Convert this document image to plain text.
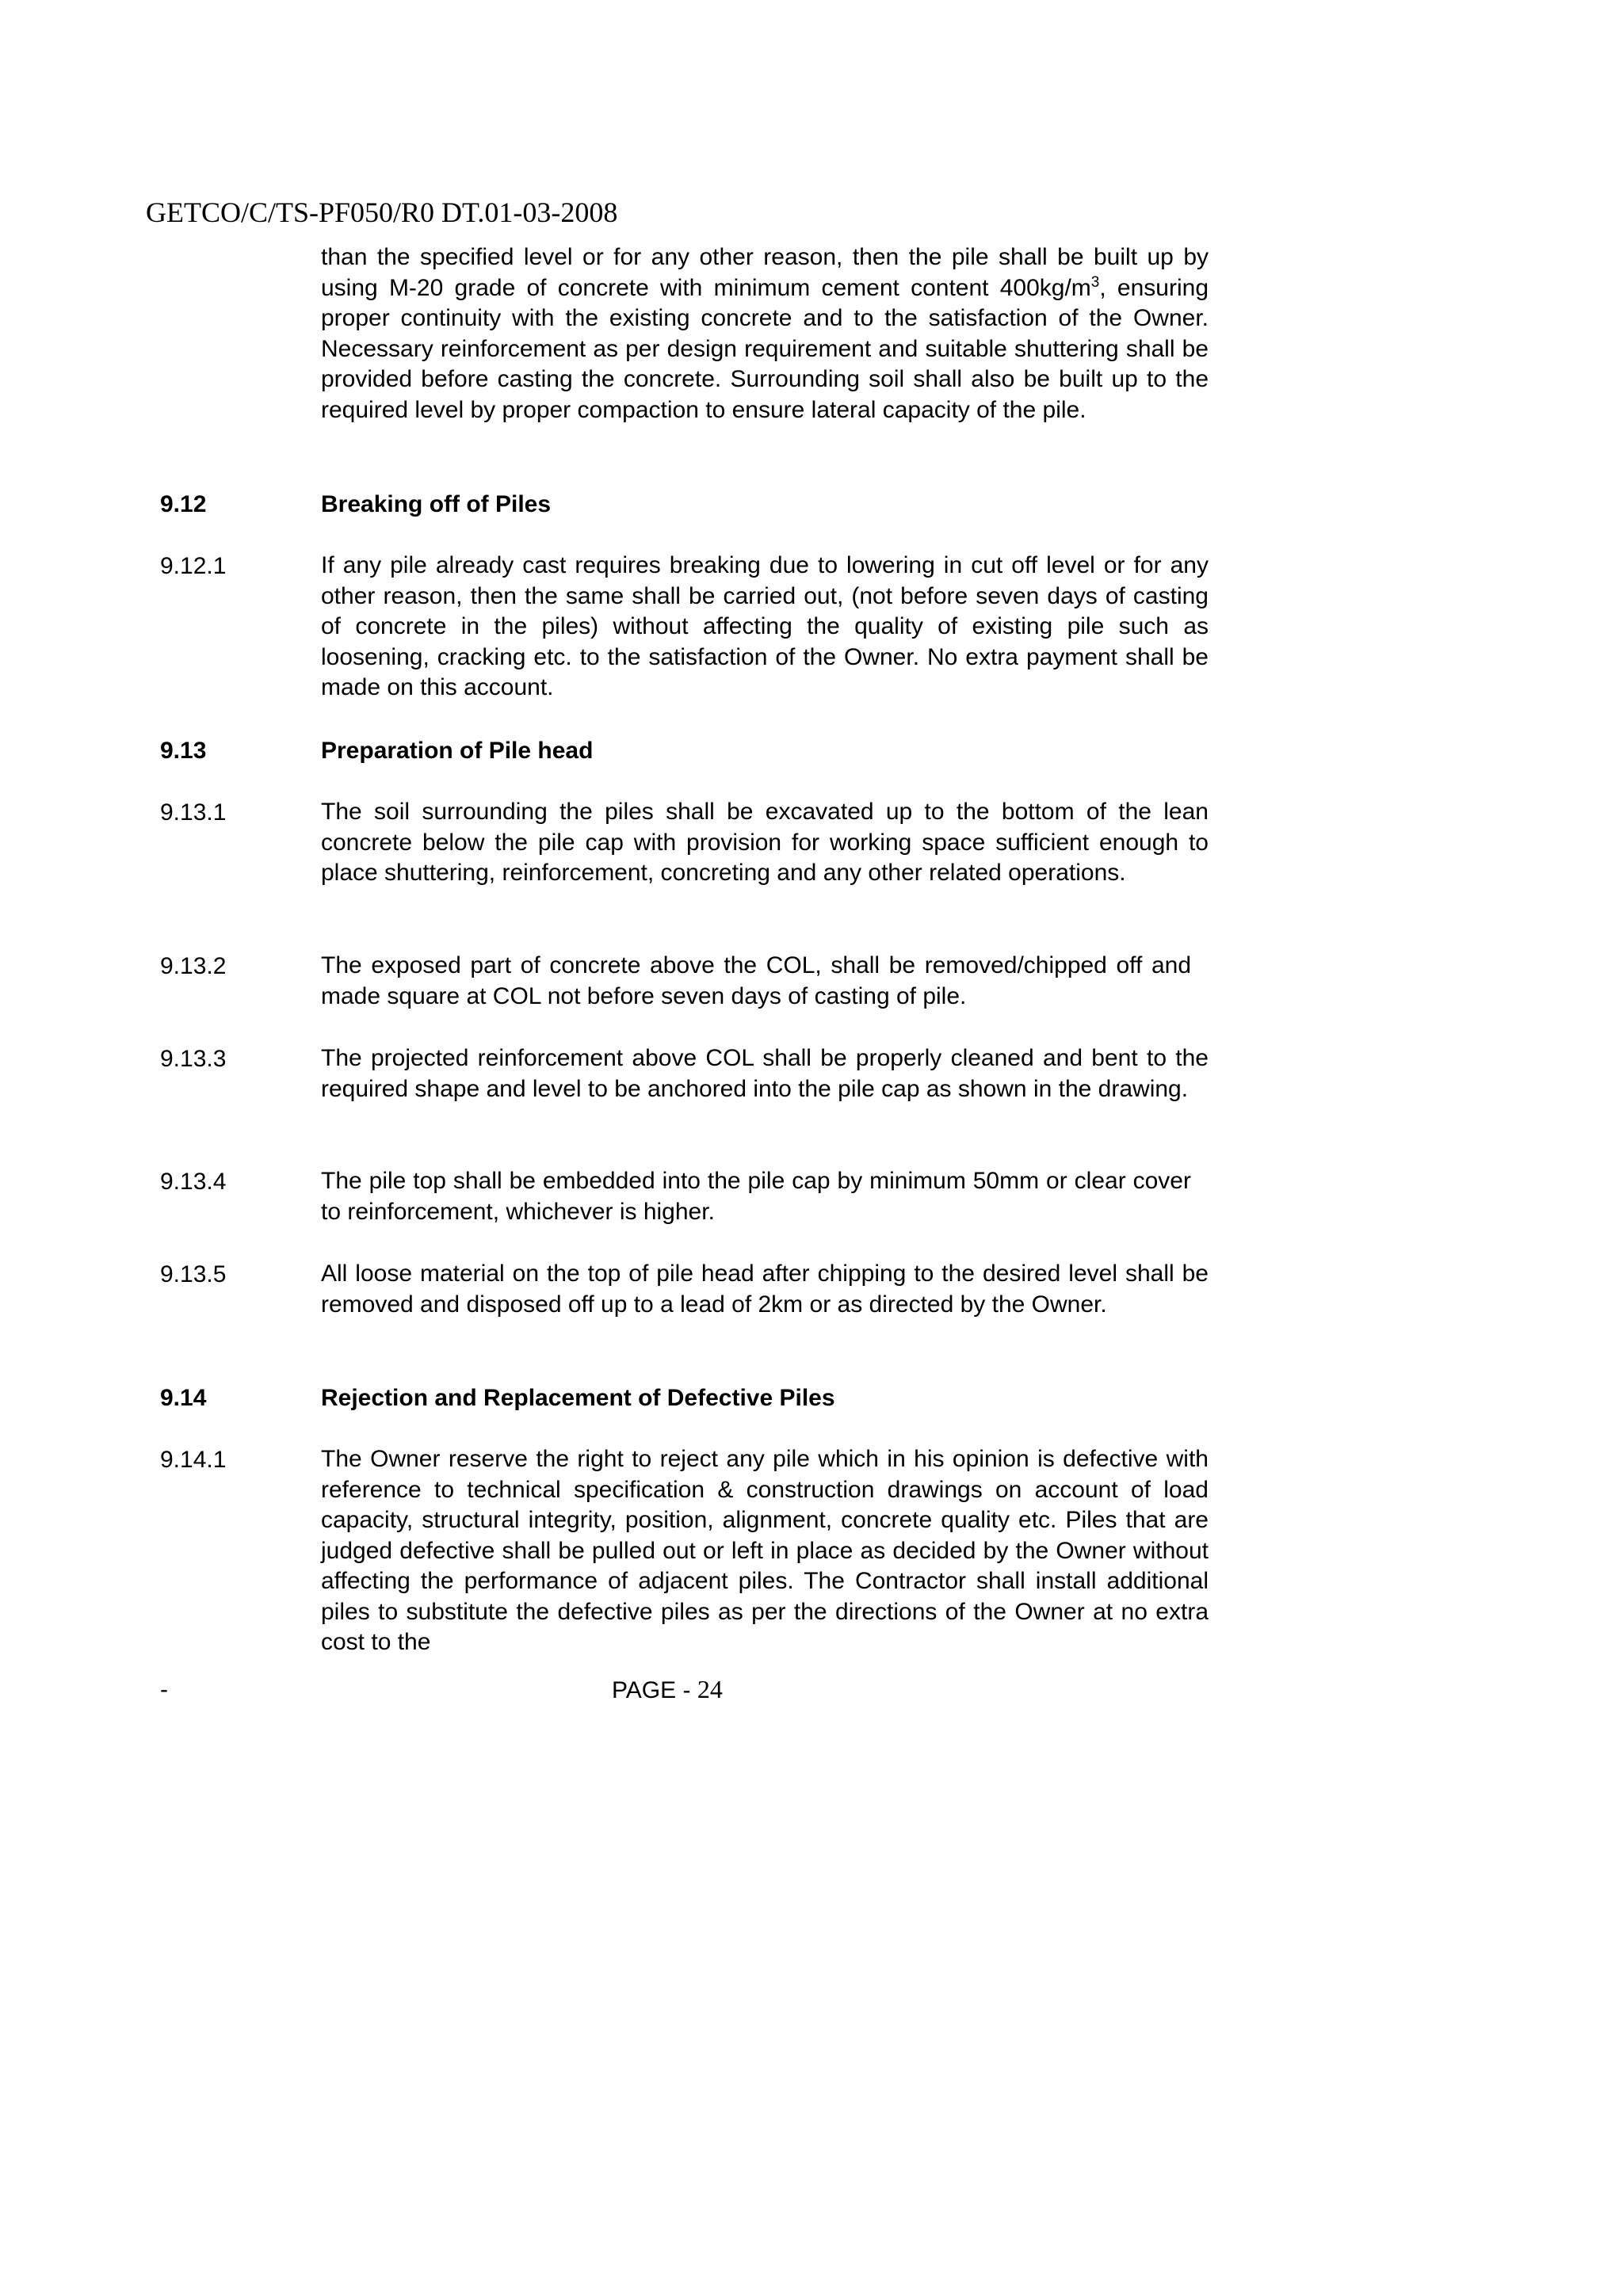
GETCO/C/TS-PF050/R0 DT.01-03-2008

than the specified level or for any other reason, then the pile shall be built up by using M-20 grade of concrete with minimum cement content $400kg/m^3$, ensuring proper continuity with the existing concrete and to the satisfaction of the Owner. Necessary reinforcement as per design requirement and suitable shuttering shall be provided before casting the concrete. Surrounding soil shall also be built up to the required level by proper compaction to ensure lateral capacity of the pile.

9.12	Breaking off of Piles
9.12.1	If any pile already cast requires breaking due to lowering in cut off level or for any other reason, then the same shall be carried out, (not before seven days of casting of concrete in the piles) without affecting the quality of existing pile such as loosening, cracking etc. to the satisfaction of the Owner. No extra payment shall be made on this account.

9.13	Preparation of Pile head
9.13.1	The soil surrounding the piles shall be excavated up to the bottom of the lean concrete below the pile cap with provision for working space sufficient enough to place shuttering, reinforcement, concreting and any other related operations.

9.13.2	The exposed part of concrete above the COL, shall be removed/chipped off and made square at COL not before seven days of casting of pile.

9.13.3	The projected reinforcement above COL shall be properly cleaned and bent to the required shape and level to be anchored into the pile cap as shown in the drawing.

9.13.4	The pile top shall be embedded into the pile cap by minimum 50mm or clear cover to reinforcement, whichever is higher.

9.13.5	All loose material on the top of pile head after chipping to the desired level shall be removed and disposed off up to a lead of 2km or as directed by the Owner.

9.14	Rejection and Replacement of Defective Piles
9.14.1	The Owner reserve the right to reject any pile which in his opinion is defective with reference to technical specification & construction drawings on account of load capacity, structural integrity, position, alignment, concrete quality etc. Piles that are judged defective shall be pulled out or left in place as decided by the Owner without affecting the performance of adjacent piles. The Contractor shall install additional piles to substitute the defective piles as per the directions of the Owner at no extra cost to the

-	PAGE - 24
